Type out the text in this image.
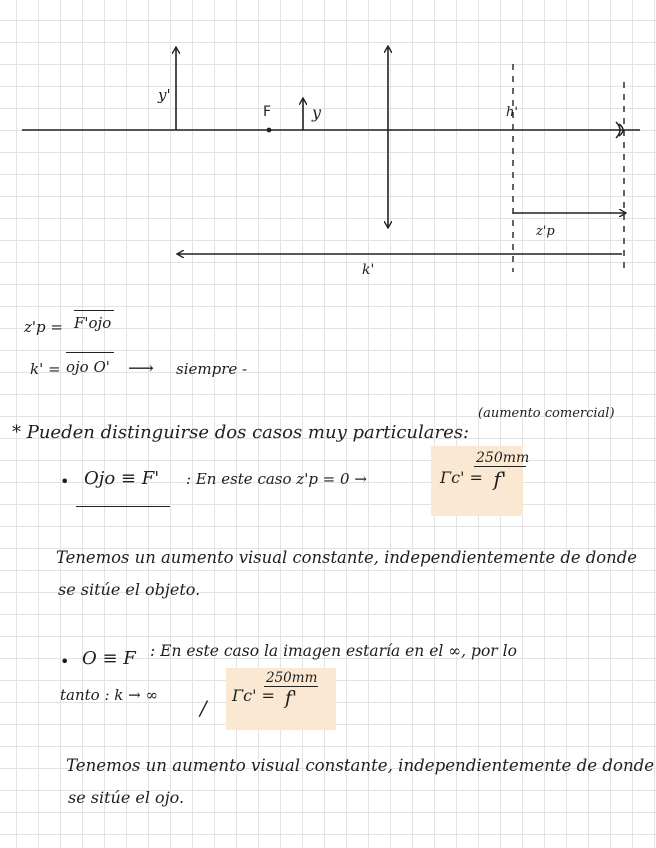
y'
F	y	h'
z'p
k'
z'p = F'ojo
k' = ojo O' ⟶ siempre -
* Pueden distinguirse dos casos muy particulares:
(aumento comercial)
• Ojo ≡ F' : En este caso z'p = 0 →	Γc' =
250mm
f'
Tenemos un aumento visual constante, independientemente de donde
se sitúe el objeto.
• O ≡ F : En este caso la imagen estaría en el ∞, por lo
tanto : k → ∞
/
Γc' =
250mm
f'
Tenemos un aumento visual constante, independientemente de donde
se sitúe el ojo.
